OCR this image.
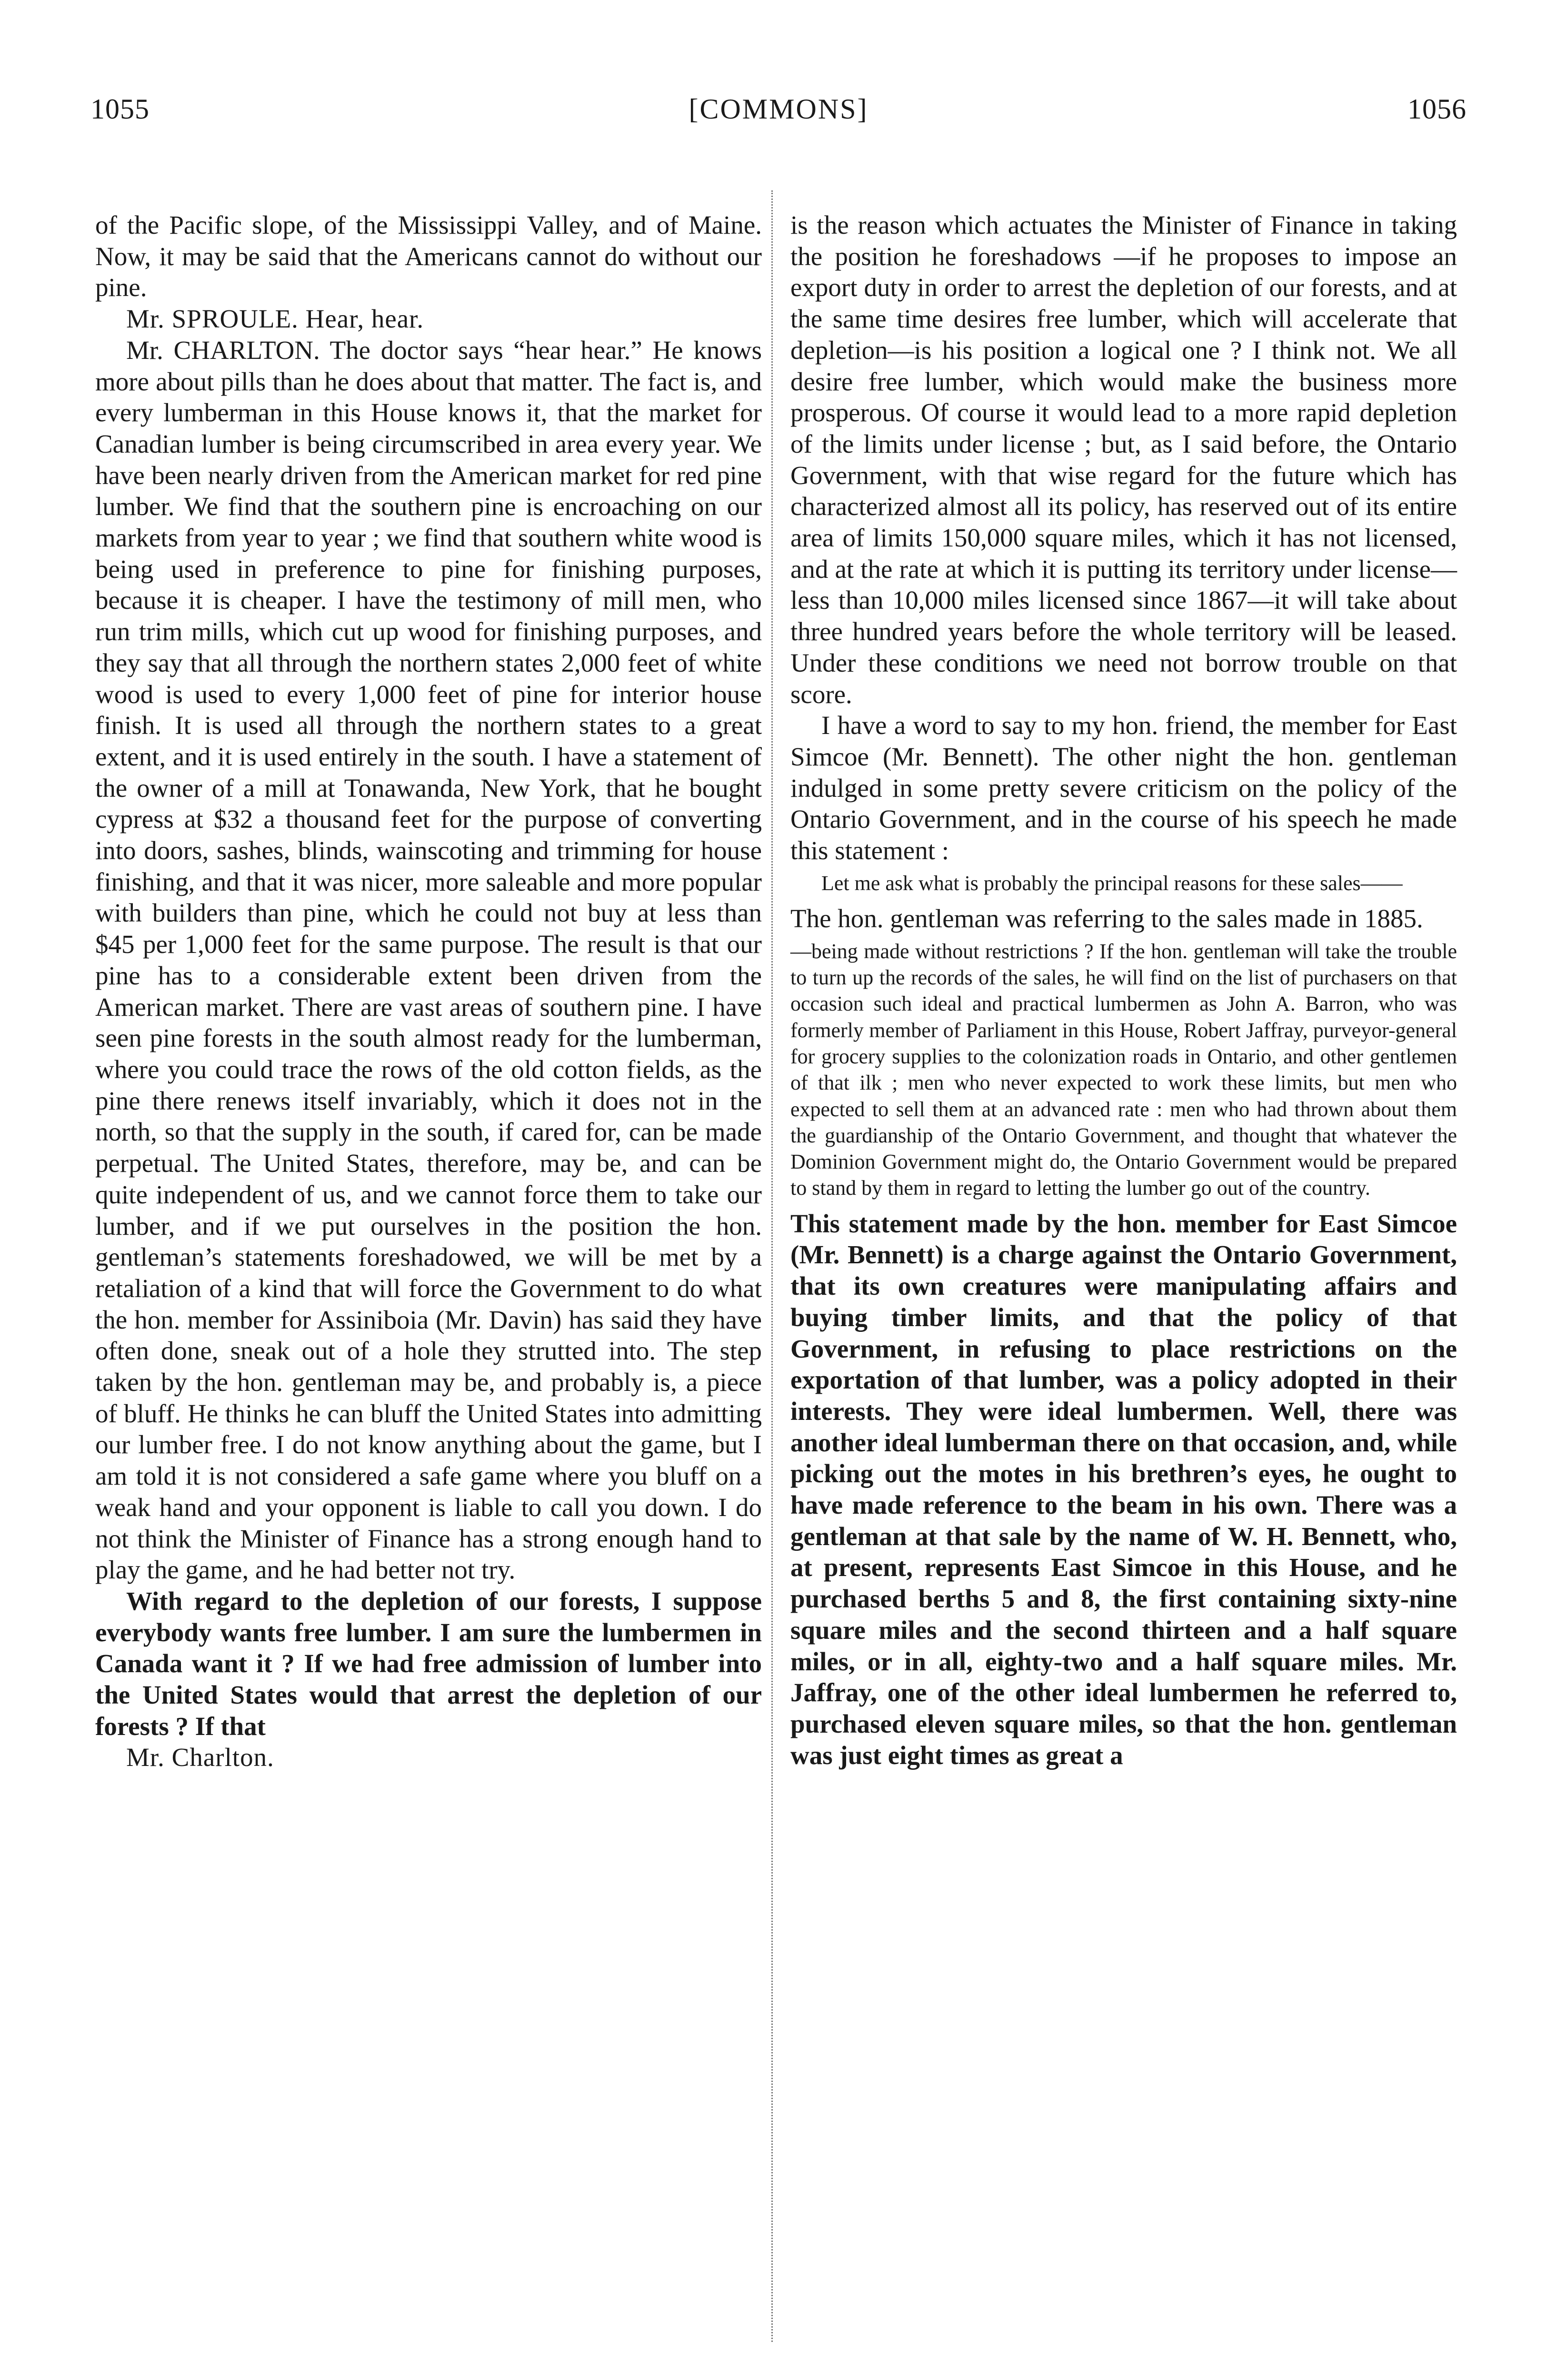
1055	[COMMONS]	1056

of the Pacific slope, of the Mississippi Valley, and of Maine. Now, it may be said that the Americans cannot do without our pine.

Mr. SPROULE. Hear, hear.

Mr. CHARLTON. The doctor says “hear hear.” He knows more about pills than he does about that matter. The fact is, and every lumberman in this House knows it, that the market for Canadian lumber is being circumscribed in area every year. We have been nearly driven from the American market for red pine lumber. We find that the southern pine is encroaching on our markets from year to year ; we find that southern white wood is being used in preference to pine for finishing purposes, because it is cheaper. I have the testimony of mill men, who run trim mills, which cut up wood for finishing purposes, and they say that all through the northern states 2,000 feet of white wood is used to every 1,000 feet of pine for interior house finish. It is used all through the northern states to a great extent, and it is used entirely in the south. I have a statement of the owner of a mill at Tonawanda, New York, that he bought cypress at $32 a thousand feet for the purpose of converting into doors, sashes, blinds, wainscoting and trimming for house finishing, and that it was nicer, more saleable and more popular with builders than pine, which he could not buy at less than $45 per 1,000 feet for the same purpose. The result is that our pine has to a considerable extent been driven from the American market. There are vast areas of southern pine. I have seen pine forests in the south almost ready for the lumberman, where you could trace the rows of the old cotton fields, as the pine there renews itself invariably, which it does not in the north, so that the supply in the south, if cared for, can be made perpetual. The United States, therefore, may be, and can be quite independent of us, and we cannot force them to take our lumber, and if we put ourselves in the position the hon. gentleman’s statements foreshadowed, we will be met by a retaliation of a kind that will force the Government to do what the hon. member for Assiniboia (Mr. Davin) has said they have often done, sneak out of a hole they strutted into. The step taken by the hon. gentleman may be, and probably is, a piece of bluff. He thinks he can bluff the United States into admitting our lumber free. I do not know anything about the game, but I am told it is not considered a safe game where you bluff on a weak hand and your opponent is liable to call you down. I do not think the Minister of Finance has a strong enough hand to play the game, and he had better not try.

With regard to the depletion of our forests, I suppose everybody wants free lumber. I am sure the lumbermen in Canada want it ? If we had free admission of lumber into the United States would that arrest the depletion of our forests ? If that

Mr. Charlton.

is the reason which actuates the Minister of Finance in taking the position he foreshadows —if he proposes to impose an export duty in order to arrest the depletion of our forests, and at the same time desires free lumber, which will accelerate that depletion—is his position a logical one ? I think not. We all desire free lumber, which would make the business more prosperous. Of course it would lead to a more rapid depletion of the limits under license ; but, as I said before, the Ontario Government, with that wise regard for the future which has characterized almost all its policy, has reserved out of its entire area of limits 150,000 square miles, which it has not licensed, and at the rate at which it is putting its territory under license—less than 10,000 miles licensed since 1867—it will take about three hundred years before the whole territory will be leased. Under these conditions we need not borrow trouble on that score.

I have a word to say to my hon. friend, the member for East Simcoe (Mr. Bennett). The other night the hon. gentleman indulged in some pretty severe criticism on the policy of the Ontario Government, and in the course of his speech he made this statement :

Let me ask what is probably the principal reasons for these sales——

The hon. gentleman was referring to the sales made in 1885.

—being made without restrictions ? If the hon. gentleman will take the trouble to turn up the records of the sales, he will find on the list of purchasers on that occasion such ideal and practical lumbermen as John A. Barron, who was formerly member of Parliament in this House, Robert Jaffray, purveyor-general for grocery supplies to the colonization roads in Ontario, and other gentlemen of that ilk ; men who never expected to work these limits, but men who expected to sell them at an advanced rate : men who had thrown about them the guardianship of the Ontario Government, and thought that whatever the Dominion Government might do, the Ontario Government would be prepared to stand by them in regard to letting the lumber go out of the country.

This statement made by the hon. member for East Simcoe (Mr. Bennett) is a charge against the Ontario Government, that its own creatures were manipulating affairs and buying timber limits, and that the policy of that Government, in refusing to place restrictions on the exportation of that lumber, was a policy adopted in their interests. They were ideal lumbermen. Well, there was another ideal lumberman there on that occasion, and, while picking out the motes in his brethren’s eyes, he ought to have made reference to the beam in his own. There was a gentleman at that sale by the name of W. H. Bennett, who, at present, represents East Simcoe in this House, and he purchased berths 5 and 8, the first containing sixty-nine square miles and the second thirteen and a half square miles, or in all, eighty-two and a half square miles. Mr. Jaffray, one of the other ideal lumbermen he referred to, purchased eleven square miles, so that the hon. gentleman was just eight times as great a
